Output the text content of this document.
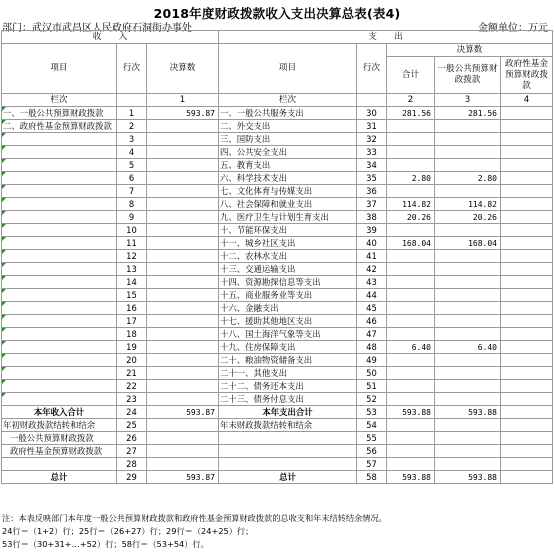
2018年度财政拨款收入支出决算总表(表4)
部门：武汉市武昌区人民政府石洞街办事处	金额单位：万元
收　　入			支　　出				
项目	行次	决算数	项目	行次	决算数		
					合计	一般公共预算财政拨款	政府性基金预算财政拨款
栏次		1	栏次		2	3	4
一、一般公共预算财政拨款	1	593.87	一、一般公共服务支出	30	281.56	281.56	
二、政府性基金预算财政拨款	2		二、外交支出	31			
	3		三、国防支出	32			
	4		四、公共安全支出	33			
	5		五、教育支出	34			
	6		六、科学技术支出	35	2.80	2.80	
	7		七、文化体育与传媒支出	36			
	8		八、社会保障和就业支出	37	114.82	114.82	
	9		九、医疗卫生与计划生育支出	38	20.26	20.26	
	10		十、节能环保支出	39			
	11		十一、城乡社区支出	40	168.04	168.04	
	12		十二、农林水支出	41			
	13		十三、交通运输支出	42			
	14		十四、资源勘探信息等支出	43			
	15		十五、商业服务业等支出	44			
	16		十六、金融支出	45			
	17		十七、援助其他地区支出	46			
	18		十八、国土海洋气象等支出	47			
	19		十九、住房保障支出	48	6.40	6.40	
	20		二十、粮油物资储备支出	49			
	21		二十一、其他支出	50			
	22		二十二、债务还本支出	51			
	23		二十三、债务付息支出	52			
本年收入合计	24	593.87	本年支出合计	53	593.88	593.88	
年初财政拨款结转和结余	25		年末财政拨款结转和结余	54			
一般公共预算财政拨款	26			55			
政府性基金预算财政拨款	27			56			
	28			57			
总计	29	593.87	总计	58	593.88	593.88	
注：本表反映部门本年度一般公共预算财政拨款和政府性基金预算财政拨款的总收支和年末结转结余情况。
24行＝（1+2）行；25行＝（26+27）行；29行＝（24+25）行；
53行＝（30+31+…+52）行；58行＝（53+54）行。
